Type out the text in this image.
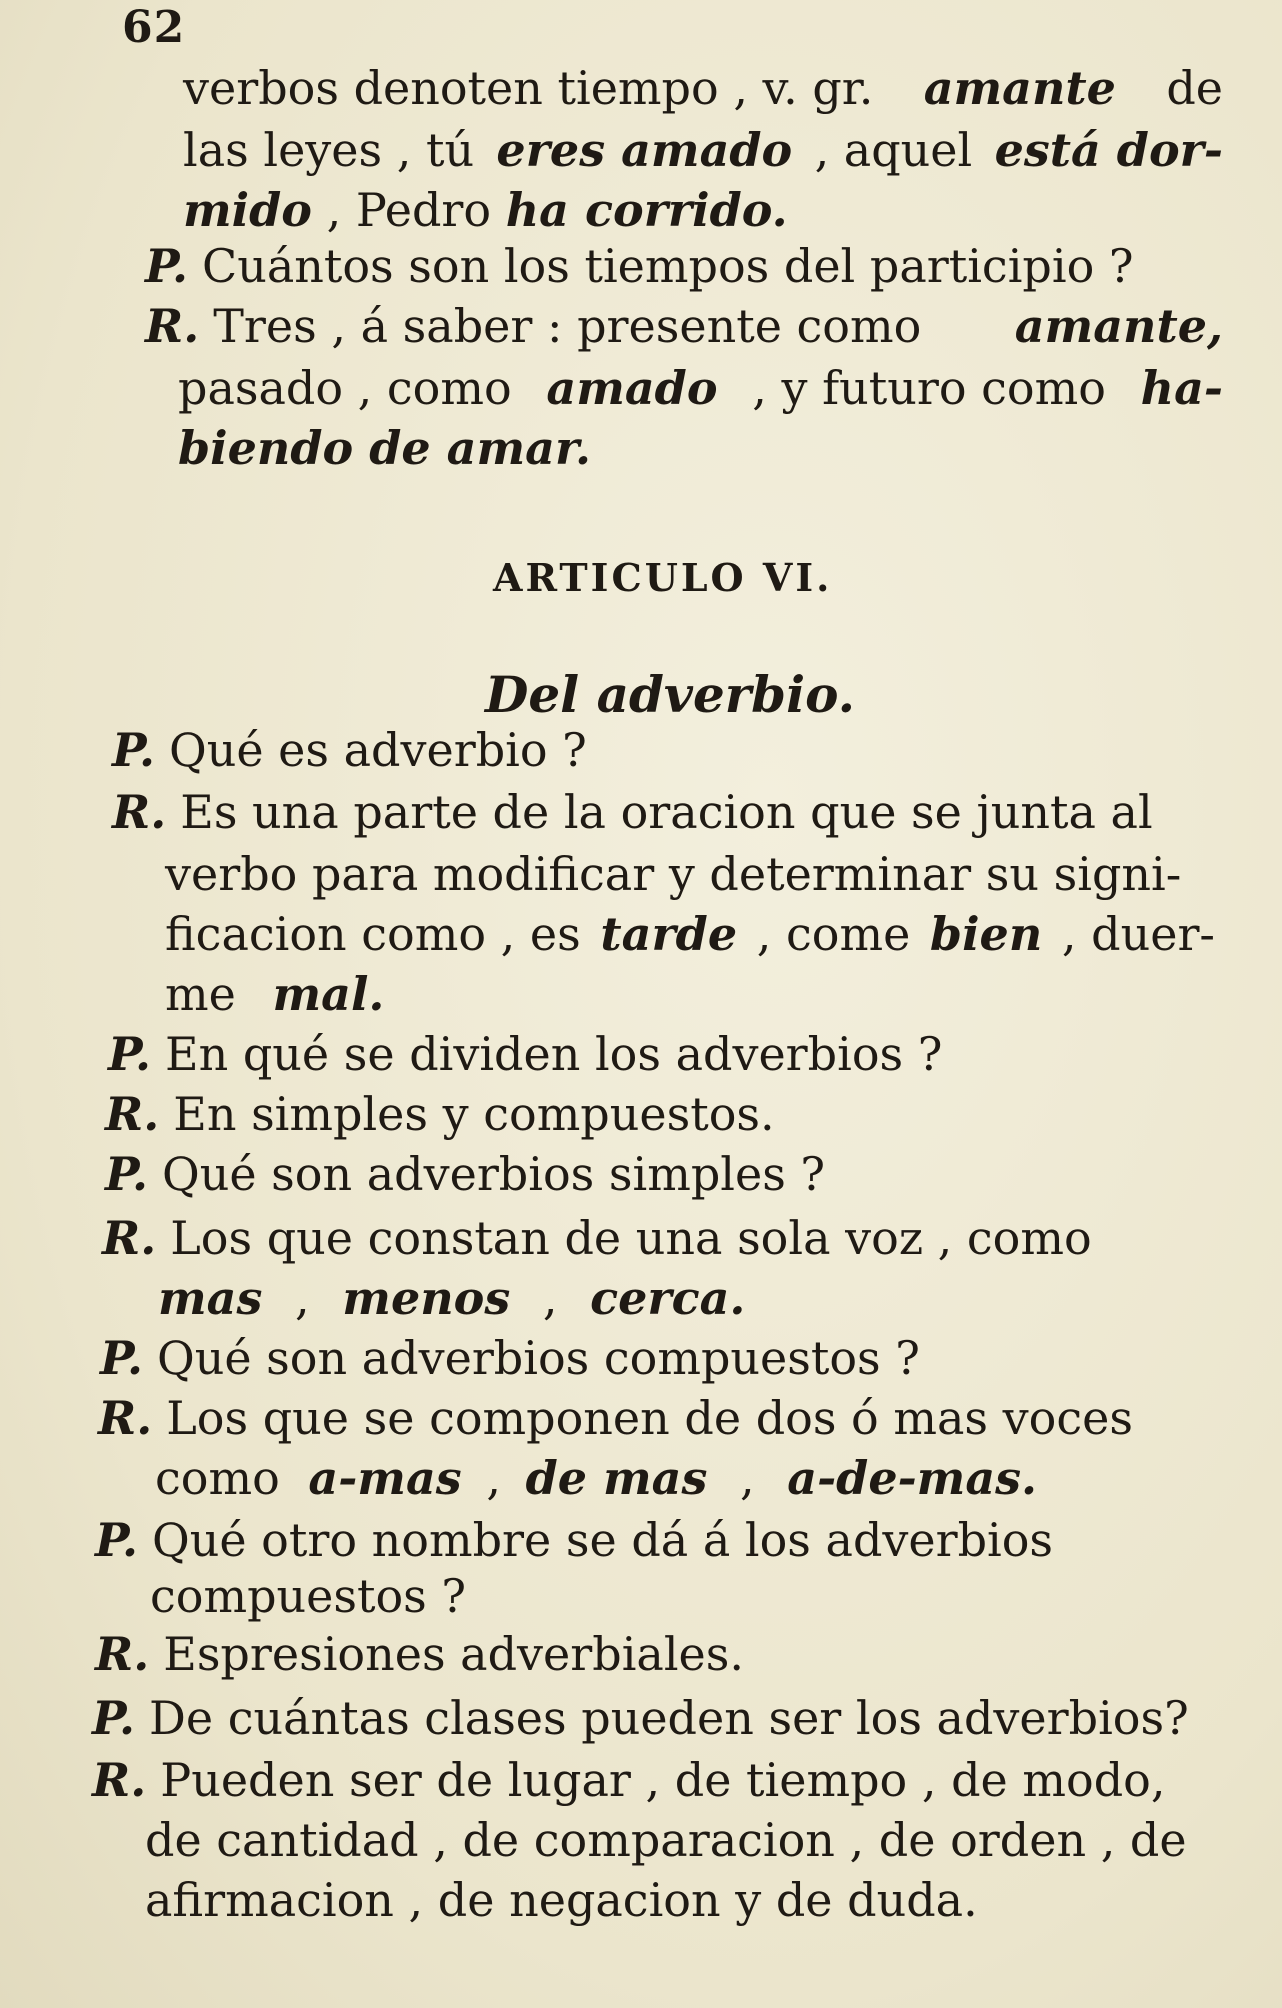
62
verbos denoten tiempo , v. gr. amante de
las leyes , tú eres amado , aquel está dor-
mido , Pedro ha corrido.
P. Cuántos son los tiempos del participio ?
R. Tres , á saber : presente como amante,
pasado , como amado , y futuro como ha-
biendo de amar.
ARTICULO VI.
Del adverbio.
P. Qué es adverbio ?
R. Es una parte de la oracion que se junta al
verbo para modificar y determinar su signi-
ficacion como , es tarde , come bien , duer-
me mal.
P. En qué se dividen los adverbios ?
R. En simples y compuestos.
P. Qué son adverbios simples ?
R. Los que constan de una sola voz , como
mas , menos , cerca.
P. Qué son adverbios compuestos ?
R. Los que se componen de dos ó mas voces
como a-mas , de mas , a-de-mas.
P. Qué otro nombre se dá á los adverbios
compuestos ?
R. Espresiones adverbiales.
P. De cuántas clases pueden ser los adverbios?
R. Pueden ser de lugar , de tiempo , de modo,
de cantidad , de comparacion , de orden , de
afirmacion , de negacion y de duda.
